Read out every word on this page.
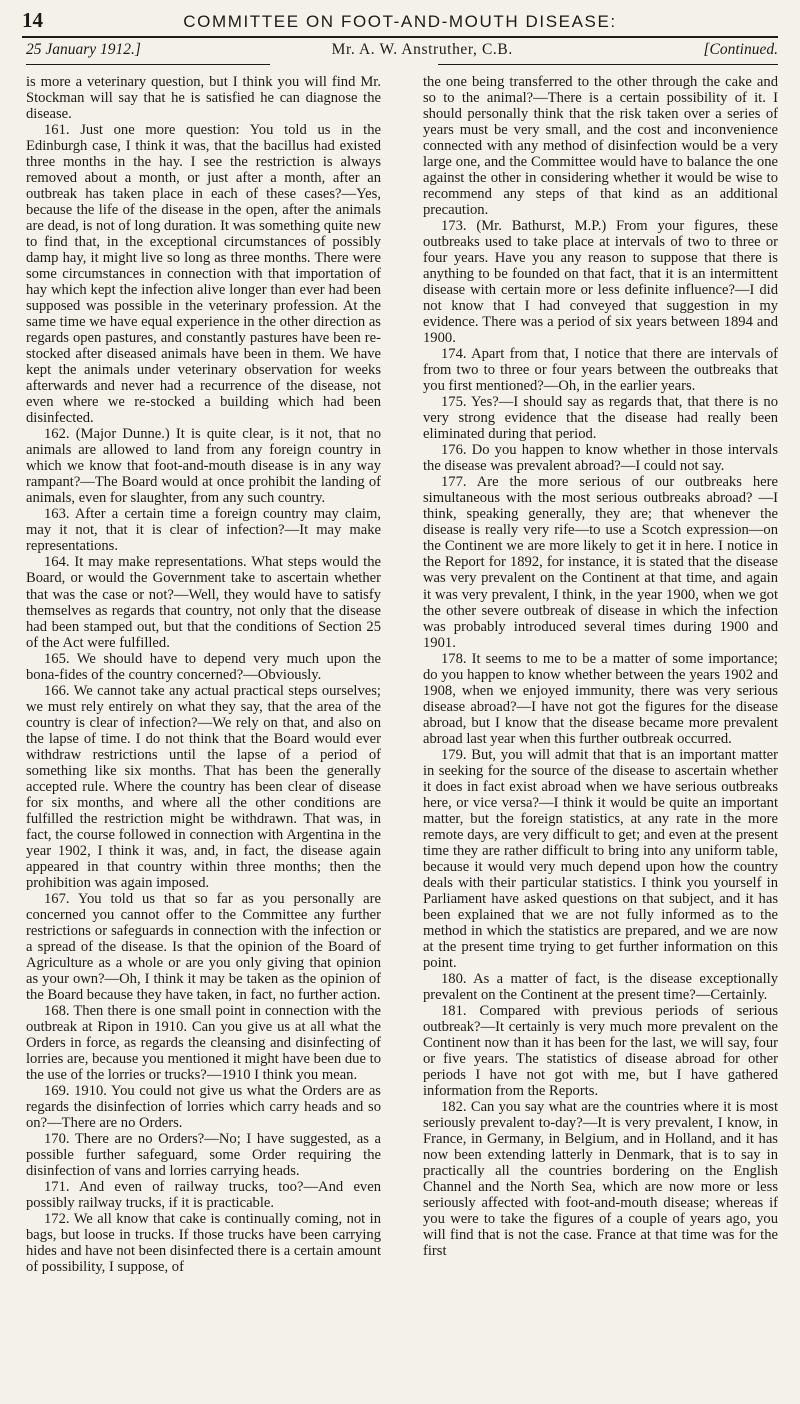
14	COMMITTEE ON FOOT-AND-MOUTH DISEASE:
25 January 1912.]	Mr. A. W. Anstruther, C.B.	[Continued.

is more a veterinary question, but I think you will find Mr. Stockman will say that he is satisfied he can diagnose the disease.

161. Just one more question: You told us in the Edinburgh case, I think it was, that the bacillus had existed three months in the hay. I see the restriction is always removed about a month, or just after a month, after an outbreak has taken place in each of these cases?—Yes, because the life of the disease in the open, after the animals are dead, is not of long duration. It was something quite new to find that, in the exceptional circumstances of possibly damp hay, it might live so long as three months. There were some circumstances in connection with that importation of hay which kept the infection alive longer than ever had been supposed was possible in the veterinary profession. At the same time we have equal experience in the other direction as regards open pastures, and constantly pastures have been re-stocked after diseased animals have been in them. We have kept the animals under veterinary observation for weeks afterwards and never had a recurrence of the disease, not even where we re-stocked a building which had been disinfected.

162. (Major Dunne.) It is quite clear, is it not, that no animals are allowed to land from any foreign country in which we know that foot-and-mouth disease is in any way rampant?—The Board would at once prohibit the landing of animals, even for slaughter, from any such country.

163. After a certain time a foreign country may claim, may it not, that it is clear of infection?—It may make representations.

164. It may make representations. What steps would the Board, or would the Government take to ascertain whether that was the case or not?—Well, they would have to satisfy themselves as regards that country, not only that the disease had been stamped out, but that the conditions of Section 25 of the Act were fulfilled.

165. We should have to depend very much upon the bona-fides of the country concerned?—Obviously.

166. We cannot take any actual practical steps ourselves; we must rely entirely on what they say, that the area of the country is clear of infection?—We rely on that, and also on the lapse of time. I do not think that the Board would ever withdraw restrictions until the lapse of a period of something like six months. That has been the generally accepted rule. Where the country has been clear of disease for six months, and where all the other conditions are fulfilled the restriction might be withdrawn. That was, in fact, the course followed in connection with Argentina in the year 1902, I think it was, and, in fact, the disease again appeared in that country within three months; then the prohibition was again imposed.

167. You told us that so far as you personally are concerned you cannot offer to the Committee any further restrictions or safeguards in connection with the infection or a spread of the disease. Is that the opinion of the Board of Agriculture as a whole or are you only giving that opinion as your own?—Oh, I think it may be taken as the opinion of the Board because they have taken, in fact, no further action.

168. Then there is one small point in connection with the outbreak at Ripon in 1910. Can you give us at all what the Orders in force, as regards the cleansing and disinfecting of lorries are, because you mentioned it might have been due to the use of the lorries or trucks?—1910 I think you mean.

169. 1910. You could not give us what the Orders are as regards the disinfection of lorries which carry heads and so on?—There are no Orders.

170. There are no Orders?—No; I have suggested, as a possible further safeguard, some Order requiring the disinfection of vans and lorries carrying heads.

171. And even of railway trucks, too?—And even possibly railway trucks, if it is practicable.

172. We all know that cake is continually coming, not in bags, but loose in trucks. If those trucks have been carrying hides and have not been disinfected there is a certain amount of possibility, I suppose, of

the one being transferred to the other through the cake and so to the animal?—There is a certain possibility of it. I should personally think that the risk taken over a series of years must be very small, and the cost and inconvenience connected with any method of disinfection would be a very large one, and the Committee would have to balance the one against the other in considering whether it would be wise to recommend any steps of that kind as an additional precaution.

173. (Mr. Bathurst, M.P.) From your figures, these outbreaks used to take place at intervals of two to three or four years. Have you any reason to suppose that there is anything to be founded on that fact, that it is an intermittent disease with certain more or less definite influence?—I did not know that I had conveyed that suggestion in my evidence. There was a period of six years between 1894 and 1900.

174. Apart from that, I notice that there are intervals of from two to three or four years between the outbreaks that you first mentioned?—Oh, in the earlier years.

175. Yes?—I should say as regards that, that there is no very strong evidence that the disease had really been eliminated during that period.

176. Do you happen to know whether in those intervals the disease was prevalent abroad?—I could not say.

177. Are the more serious of our outbreaks here simultaneous with the most serious outbreaks abroad? —I think, speaking generally, they are; that whenever the disease is really very rife—to use a Scotch expression—on the Continent we are more likely to get it in here. I notice in the Report for 1892, for instance, it is stated that the disease was very prevalent on the Continent at that time, and again it was very prevalent, I think, in the year 1900, when we got the other severe outbreak of disease in which the infection was probably introduced several times during 1900 and 1901.

178. It seems to me to be a matter of some importance; do you happen to know whether between the years 1902 and 1908, when we enjoyed immunity, there was very serious disease abroad?—I have not got the figures for the disease abroad, but I know that the disease became more prevalent abroad last year when this further outbreak occurred.

179. But, you will admit that that is an important matter in seeking for the source of the disease to ascertain whether it does in fact exist abroad when we have serious outbreaks here, or vice versa?—I think it would be quite an important matter, but the foreign statistics, at any rate in the more remote days, are very difficult to get; and even at the present time they are rather difficult to bring into any uniform table, because it would very much depend upon how the country deals with their particular statistics. I think you yourself in Parliament have asked questions on that subject, and it has been explained that we are not fully informed as to the method in which the statistics are prepared, and we are now at the present time trying to get further information on this point.

180. As a matter of fact, is the disease exceptionally prevalent on the Continent at the present time?—Certainly.

181. Compared with previous periods of serious outbreak?—It certainly is very much more prevalent on the Continent now than it has been for the last, we will say, four or five years. The statistics of disease abroad for other periods I have not got with me, but I have gathered information from the Reports.

182. Can you say what are the countries where it is most seriously prevalent to-day?—It is very prevalent, I know, in France, in Germany, in Belgium, and in Holland, and it has now been extending latterly in Denmark, that is to say in practically all the countries bordering on the English Channel and the North Sea, which are now more or less seriously affected with foot-and-mouth disease; whereas if you were to take the figures of a couple of years ago, you will find that is not the case. France at that time was for the first
